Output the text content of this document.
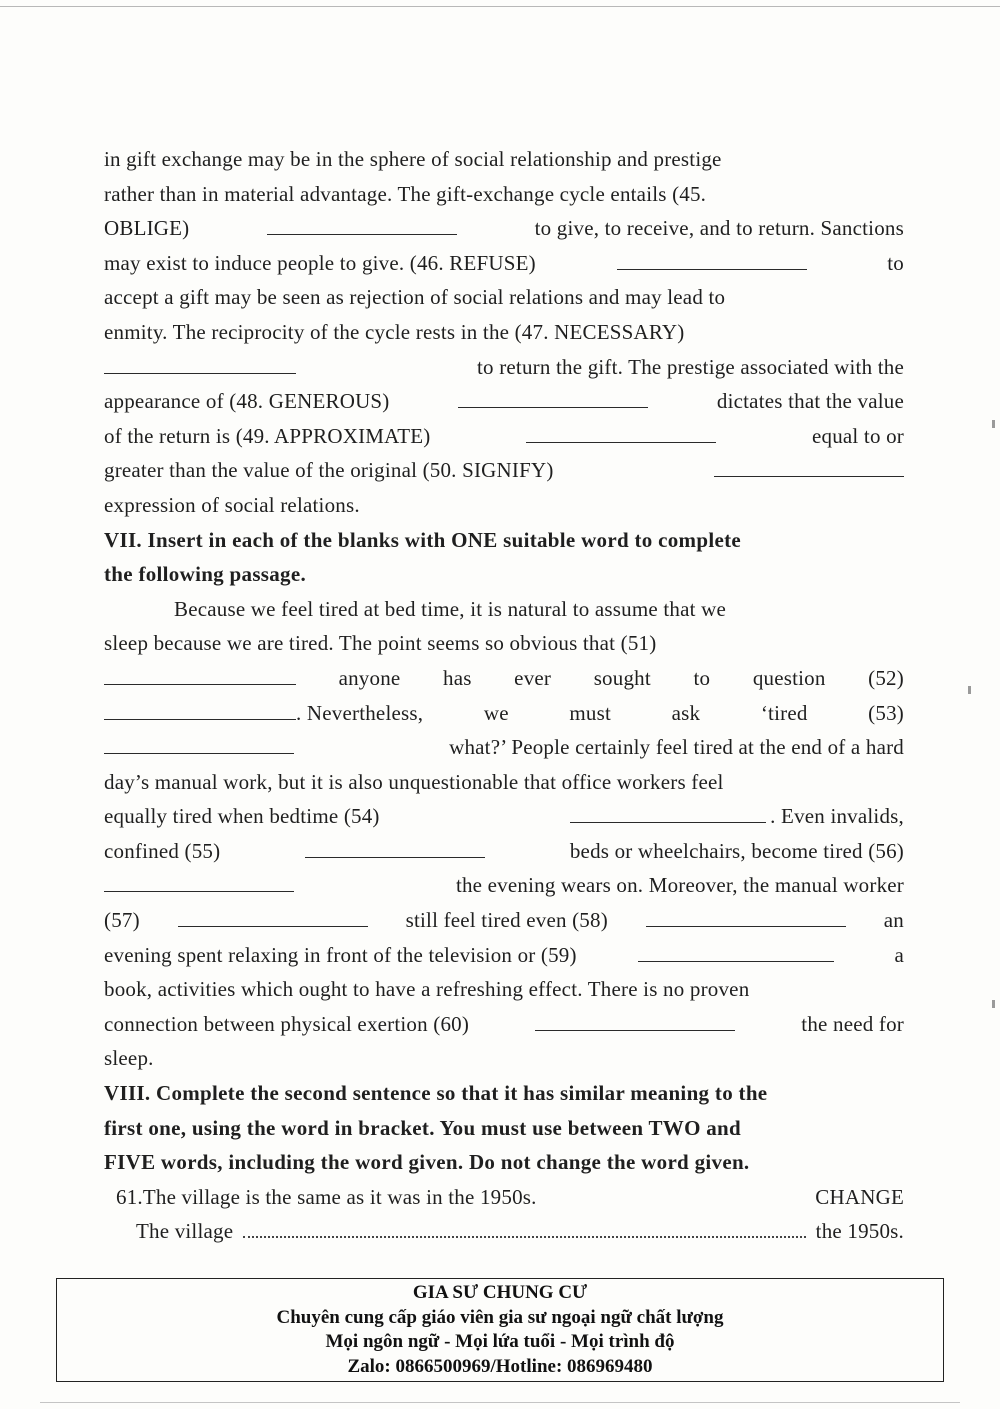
in gift exchange may be in the sphere of social relationship and prestige
rather than in material advantage. The gift-exchange cycle entails (45.
OBLIGE)	to give, to receive, and to return. Sanctions
may exist to induce people to give. (46. REFUSE)	to
accept a gift may be seen as rejection of social relations and may lead to
enmity. The reciprocity of the cycle rests in the (47. NECESSARY)
to return the gift. The prestige associated with the
appearance of (48. GENEROUS)	dictates that the value
of the return is (49. APPROXIMATE)	equal to or
greater than the value of the original (50. SIGNIFY)
expression of social relations.
VII. Insert in each of the blanks with ONE suitable word to complete
the following passage.
Because we feel tired at bed time, it is natural to assume that we
sleep because we are tired. The point seems so obvious that (51)
anyone has ever sought to question (52)
. Nevertheless,	we	must	ask	‘tired	(53)
what?’ People certainly feel tired at the end of a hard
day’s manual work, but it is also unquestionable that office workers feel
equally tired when bedtime (54)	. Even invalids,
confined (55)	beds or wheelchairs, become tired (56)
the evening wears on. Moreover, the manual worker
(57)	still feel tired even (58)	an
evening spent relaxing in front of the television or (59)	a
book, activities which ought to have a refreshing effect. There is no proven
connection between physical exertion (60)	the need for
sleep.
VIII. Complete the second sentence so that it has similar meaning to the
first one, using the word in bracket. You must use between TWO and
FIVE words, including the word given. Do not change the word given.
61.The village is the same as it was in the 1950s.	CHANGE
The village	the 1950s.
GIA SƯ CHUNG CƯ
Chuyên cung cấp giáo viên gia sư ngoại ngữ chất lượng
Mọi ngôn ngữ - Mọi lứa tuổi - Mọi trình độ
Zalo: 0866500969/Hotline: 086969480
